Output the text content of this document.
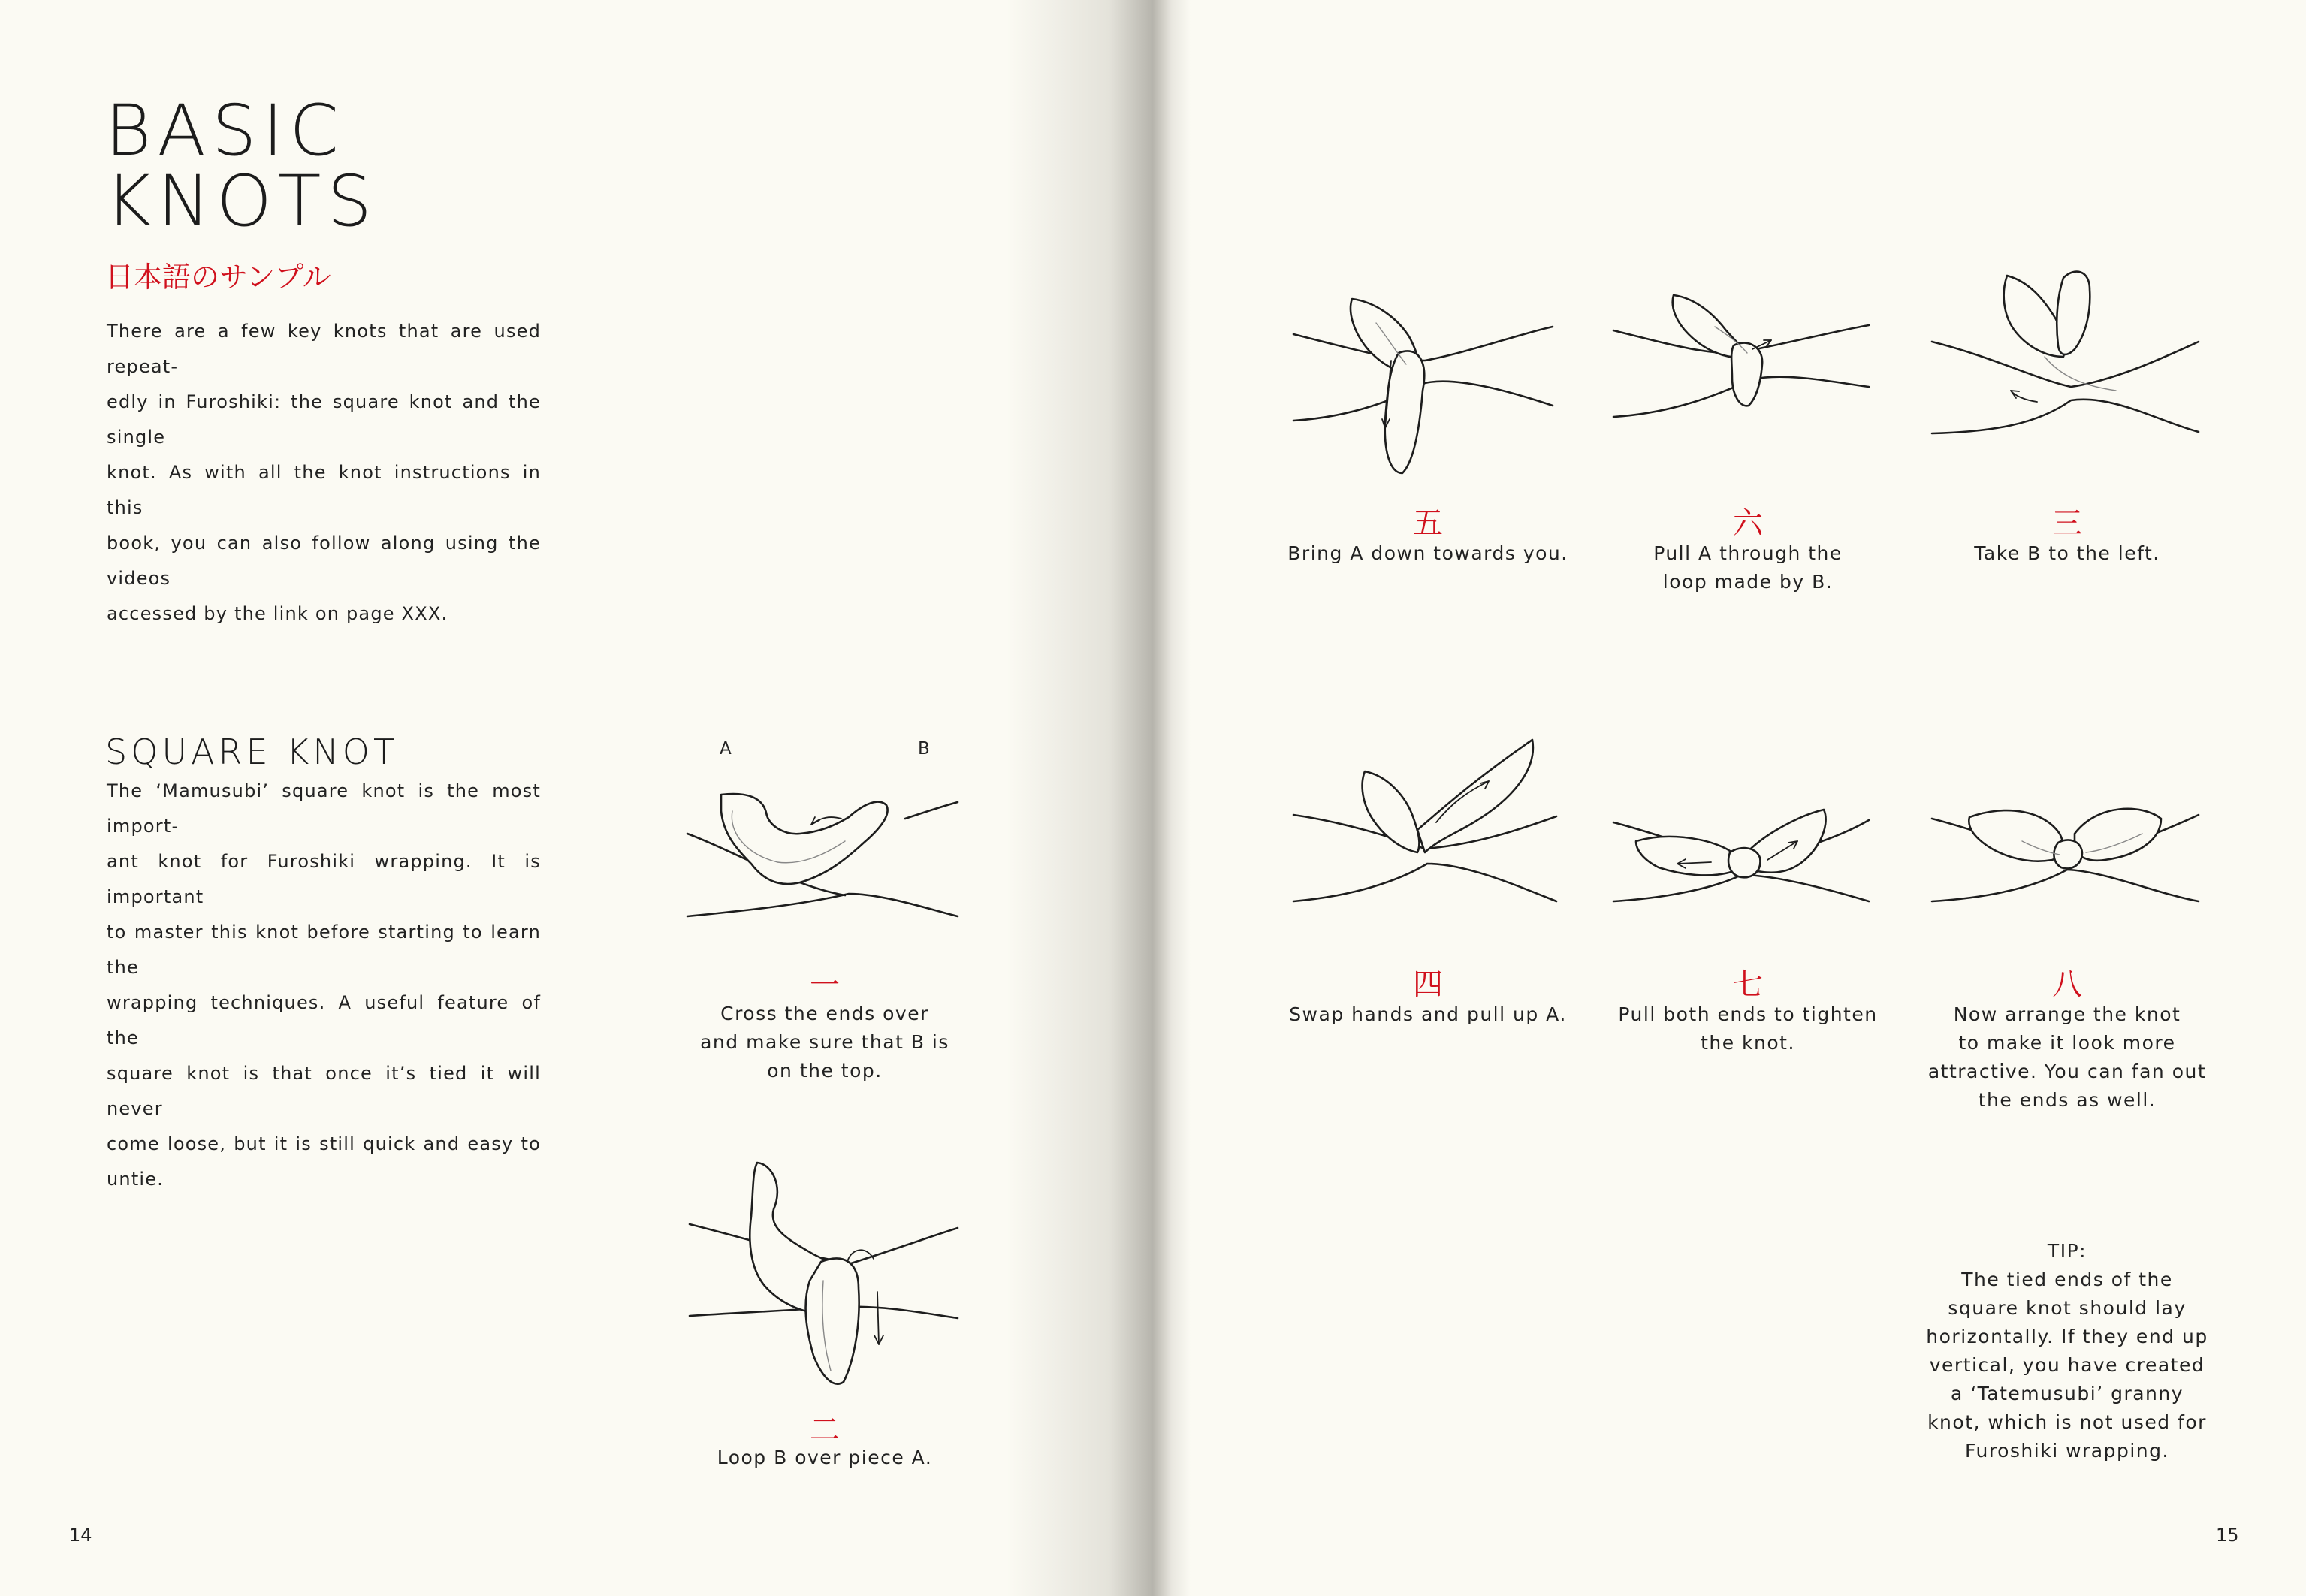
BASIC
KNOTS
日本語のサンプル
There are a few key knots that are used repeat-
edly in Furoshiki: the square knot and the single
knot. As with all the knot instructions in this
book, you can also follow along using the videos
accessed by the link on page XXX.
SQUARE KNOT
The ‘Mamusubi’ square knot is the most import-
ant knot for Furoshiki wrapping. It is important
to master this knot before starting to learn the
wrapping techniques. A useful feature of the
square knot is that once it’s tied it will never
come loose, but it is still quick and easy to untie.
A	B
一
Cross the ends over
and make sure that B is
on the top.
二
Loop B over piece A.
14
五
Bring A down towards you.
六
Pull A through the
loop made by B.
三
Take B to the left.
四
Swap hands and pull up A.
七
Pull both ends to tighten
the knot.
八
Now arrange the knot
to make it look more
attractive. You can fan out
the ends as well.
TIP:
The tied ends of the
square knot should lay
horizontally. If they end up
vertical, you have created
a ‘Tatemusubi’ granny
knot, which is not used for
Furoshiki wrapping.
15
